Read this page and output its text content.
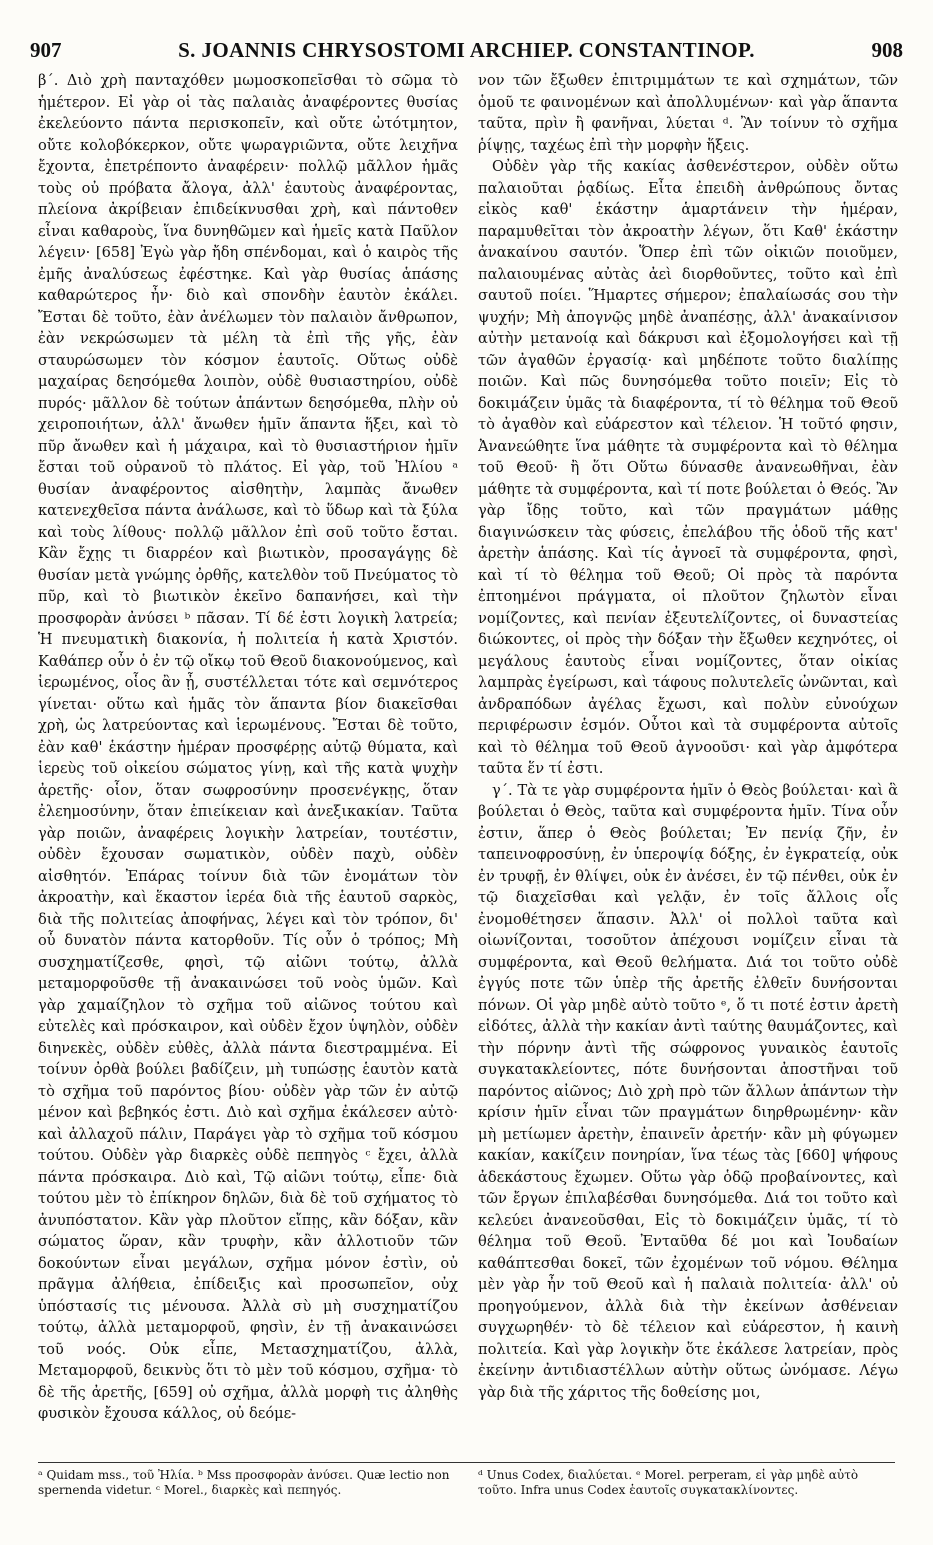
907	S. JOANNIS CHRYSOSTOMI ARCHIEP. CONSTANTINOP.	908

β΄. Διὸ χρὴ πανταχόθεν μωμοσκοπεῖσθαι τὸ σῶμα τὸ ἡμέτερον. Εἰ γὰρ οἱ τὰς παλαιὰς ἀναφέροντες θυσίας ἐκελεύοντο πάντα περισκοπεῖν, καὶ οὔτε ὠτότμητον, οὔτε κολοβόκερκον, οὔτε ψωραγριῶντα, οὔτε λειχῆνα ἔχοντα, ἐπετρέποντο ἀναφέρειν· πολλῷ μᾶλλον ἡμᾶς τοὺς οὐ πρόβατα ἄλογα, ἀλλ' ἑαυτοὺς ἀναφέροντας, πλείονα ἀκρίβειαν ἐπιδείκνυσθαι χρὴ, καὶ πάντοθεν εἶναι καθαροὺς, ἵνα δυνηθῶμεν καὶ ἡμεῖς κατὰ Παῦλον λέγειν· [658] Ἐγὼ γὰρ ἤδη σπένδομαι, καὶ ὁ καιρὸς τῆς ἐμῆς ἀναλύσεως ἐφέστηκε. Καὶ γὰρ θυσίας ἁπάσης καθαρώτερος ἦν· διὸ καὶ σπονδὴν ἑαυτὸν ἐκάλει. Ἔσται δὲ τοῦτο, ἐὰν ἀνέλωμεν τὸν παλαιὸν ἄνθρωπον, ἐὰν νεκρώσωμεν τὰ μέλη τὰ ἐπὶ τῆς γῆς, ἐὰν σταυρώσωμεν τὸν κόσμον ἑαυτοῖς. Οὕτως οὐδὲ μαχαίρας δεησόμεθα λοιπὸν, οὐδὲ θυσιαστηρίου, οὐδὲ πυρός· μᾶλλον δὲ τούτων ἁπάντων δεησόμεθα, πλὴν οὐ χειροποιήτων, ἀλλ' ἄνωθεν ἡμῖν ἅπαντα ἥξει, καὶ τὸ πῦρ ἄνωθεν καὶ ἡ μάχαιρα, καὶ τὸ θυσιαστήριον ἡμῖν ἔσται τοῦ οὐρανοῦ τὸ πλάτος. Εἰ γὰρ, τοῦ Ἠλίου ᵃ θυσίαν ἀναφέροντος αἰσθητὴν, λαμπὰς ἄνωθεν κατενεχθεῖσα πάντα ἀνάλωσε, καὶ τὸ ὕδωρ καὶ τὰ ξύλα καὶ τοὺς λίθους· πολλῷ μᾶλλον ἐπὶ σοῦ τοῦτο ἔσται. Κἂν ἔχῃς τι διαρρέον καὶ βιωτικὸν, προσαγάγῃς δὲ θυσίαν μετὰ γνώμης ὀρθῆς, κατελθὸν τοῦ Πνεύματος τὸ πῦρ, καὶ τὸ βιωτικὸν ἐκεῖνο δαπανήσει, καὶ τὴν προσφορὰν ἀνύσει ᵇ πᾶσαν. Τί δέ ἐστι λογικὴ λατρεία; Ἡ πνευματικὴ διακονία, ἡ πολιτεία ἡ κατὰ Χριστόν. Καθάπερ οὖν ὁ ἐν τῷ οἴκῳ τοῦ Θεοῦ διακονούμενος, καὶ ἱερωμένος, οἷος ἂν ᾖ, συστέλλεται τότε καὶ σεμνότερος γίνεται· οὕτω καὶ ἡμᾶς τὸν ἅπαντα βίον διακεῖσθαι χρὴ, ὡς λατρεύοντας καὶ ἱερωμένους. Ἔσται δὲ τοῦτο, ἐὰν καθ' ἑκάστην ἡμέραν προσφέρῃς αὐτῷ θύματα, καὶ ἱερεὺς τοῦ οἰκείου σώματος γίνῃ, καὶ τῆς κατὰ ψυχὴν ἀρετῆς· οἷον, ὅταν σωφροσύνην προσενέγκῃς, ὅταν ἐλεημοσύνην, ὅταν ἐπιείκειαν καὶ ἀνεξικακίαν. Ταῦτα γὰρ ποιῶν, ἀναφέρεις λογικὴν λατρείαν, τουτέστιν, οὐδὲν ἔχουσαν σωματικὸν, οὐδὲν παχὺ, οὐδὲν αἰσθητόν. Ἐπάρας τοίνυν διὰ τῶν ἐνομάτων τὸν ἀκροατὴν, καὶ ἕκαστον ἱερέα διὰ τῆς ἑαυτοῦ σαρκὸς, διὰ τῆς πολιτείας ἀποφήνας, λέγει καὶ τὸν τρόπον, δι' οὗ δυνατὸν πάντα κατορθοῦν. Τίς οὖν ὁ τρόπος; Μὴ συσχηματίζεσθε, φησὶ, τῷ αἰῶνι τούτῳ, ἀλλὰ μεταμορφοῦσθε τῇ ἀνακαινώσει τοῦ νοὸς ὑμῶν. Καὶ γὰρ χαμαίζηλον τὸ σχῆμα τοῦ αἰῶνος τούτου καὶ εὐτελὲς καὶ πρόσκαιρον, καὶ οὐδὲν ἔχον ὑψηλὸν, οὐδὲν διηνεκὲς, οὐδὲν εὐθὲς, ἀλλὰ πάντα διεστραμμένα. Εἰ τοίνυν ὀρθὰ βούλει βαδίζειν, μὴ τυπώσῃς ἑαυτὸν κατὰ τὸ σχῆμα τοῦ παρόντος βίου· οὐδὲν γὰρ τῶν ἐν αὐτῷ μένον καὶ βεβηκός ἐστι. Διὸ καὶ σχῆμα ἐκάλεσεν αὐτὸ· καὶ ἀλλαχοῦ πάλιν, Παράγει γὰρ τὸ σχῆμα τοῦ κόσμου τούτου. Οὐδὲν γὰρ διαρκὲς οὐδὲ πεπηγὸς ᶜ ἔχει, ἀλλὰ πάντα πρόσκαιρα. Διὸ καὶ, Τῷ αἰῶνι τούτῳ, εἶπε· διὰ τούτου μὲν τὸ ἐπίκηρον δηλῶν, διὰ δὲ τοῦ σχήματος τὸ ἀνυπόστατον. Κἂν γὰρ πλοῦτον εἴπῃς, κἂν δόξαν, κἂν σώματος ὥραν, κἂν τρυφὴν, κἂν ἀλλοτιοῦν τῶν δοκούντων εἶναι μεγάλων, σχῆμα μόνον ἐστὶν, οὐ πρᾶγμα ἀλήθεια, ἐπίδειξις καὶ προσωπεῖον, οὐχ ὑπόστασίς τις μένουσα. Ἀλλὰ σὺ μὴ συσχηματίζου τούτῳ, ἀλλὰ μεταμορφοῦ, φησὶν, ἐν τῇ ἀνακαινώσει τοῦ νοός. Οὐκ εἶπε, Μετασχηματίζου, ἀλλὰ, Μεταμορφοῦ, δεικνὺς ὅτι τὸ μὲν τοῦ κόσμου, σχῆμα· τὸ δὲ τῆς ἀρετῆς, [659] οὐ σχῆμα, ἀλλὰ μορφὴ τις ἀληθὴς φυσικὸν ἔχουσα κάλλος, οὐ δεόμε-

νον τῶν ἔξωθεν ἐπιτριμμάτων τε καὶ σχημάτων, τῶν ὁμοῦ τε φαινομένων καὶ ἀπολλυμένων· καὶ γὰρ ἅπαντα ταῦτα, πρὶν ἢ φανῆναι, λύεται ᵈ. Ἂν τοίνυν τὸ σχῆμα ῥίψῃς, ταχέως ἐπὶ τὴν μορφὴν ἥξεις.

Οὐδὲν γὰρ τῆς κακίας ἀσθενέστερον, οὐδὲν οὕτω παλαιοῦται ῥᾳδίως. Εἶτα ἐπειδὴ ἀνθρώπους ὄντας εἰκὸς καθ' ἑκάστην ἁμαρτάνειν τὴν ἡμέραν, παραμυθεῖται τὸν ἀκροατὴν λέγων, ὅτι Καθ' ἑκάστην ἀνακαίνου σαυτόν. Ὅπερ ἐπὶ τῶν οἰκιῶν ποιοῦμεν, παλαιουμένας αὐτὰς ἀεὶ διορθοῦντες, τοῦτο καὶ ἐπὶ σαυτοῦ ποίει. Ἥμαρτες σήμερον; ἐπαλαίωσάς σου τὴν ψυχήν; Μὴ ἀπογνῷς μηδὲ ἀναπέσῃς, ἀλλ' ἀνακαίνισον αὐτὴν μετανοίᾳ καὶ δάκρυσι καὶ ἐξομολογήσει καὶ τῇ τῶν ἀγαθῶν ἐργασίᾳ· καὶ μηδέποτε τοῦτο διαλίπῃς ποιῶν. Καὶ πῶς δυνησόμεθα τοῦτο ποιεῖν; Εἰς τὸ δοκιμάζειν ὑμᾶς τὰ διαφέροντα, τί τὸ θέλημα τοῦ Θεοῦ τὸ ἀγαθὸν καὶ εὐάρεστον καὶ τέλειον. Ἡ τοῦτό φησιν, Ἀνανεώθητε ἵνα μάθητε τὰ συμφέροντα καὶ τὸ θέλημα τοῦ Θεοῦ· ἢ ὅτι Οὕτω δύνασθε ἀνανεωθῆναι, ἐὰν μάθητε τὰ συμφέροντα, καὶ τί ποτε βούλεται ὁ Θεός. Ἂν γὰρ ἴδῃς τοῦτο, καὶ τῶν πραγμάτων μάθῃς διαγινώσκειν τὰς φύσεις, ἐπελάβου τῆς ὁδοῦ τῆς κατ' ἀρετὴν ἁπάσης. Καὶ τίς ἀγνοεῖ τὰ συμφέροντα, φησὶ, καὶ τί τὸ θέλημα τοῦ Θεοῦ; Οἱ πρὸς τὰ παρόντα ἐπτοημένοι πράγματα, οἱ πλοῦτον ζηλωτὸν εἶναι νομίζοντες, καὶ πενίαν ἐξευτελίζοντες, οἱ δυναστείας διώκοντες, οἱ πρὸς τὴν δόξαν τὴν ἔξωθεν κεχηνότες, οἱ μεγάλους ἑαυτοὺς εἶναι νομίζοντες, ὅταν οἰκίας λαμπρὰς ἐγείρωσι, καὶ τάφους πολυτελεῖς ὠνῶνται, καὶ ἀνδραπόδων ἀγέλας ἔχωσι, καὶ πολὺν εὐνούχων περιφέρωσιν ἑσμόν. Οὗτοι καὶ τὰ συμφέροντα αὐτοῖς καὶ τὸ θέλημα τοῦ Θεοῦ ἀγνοοῦσι· καὶ γὰρ ἀμφότερα ταῦτα ἕν τί ἐστι.

γ΄. Τὰ τε γὰρ συμφέροντα ἡμῖν ὁ Θεὸς βούλεται· καὶ ἃ βούλεται ὁ Θεὸς, ταῦτα καὶ συμφέροντα ἡμῖν. Τίνα οὖν ἐστιν, ἅπερ ὁ Θεὸς βούλεται; Ἐν πενίᾳ ζῆν, ἐν ταπεινοφροσύνῃ, ἐν ὑπεροψίᾳ δόξης, ἐν ἐγκρατείᾳ, οὐκ ἐν τρυφῇ, ἐν θλίψει, οὐκ ἐν ἀνέσει, ἐν τῷ πένθει, οὐκ ἐν τῷ διαχεῖσθαι καὶ γελᾷν, ἐν τοῖς ἄλλοις οἷς ἐνομοθέτησεν ἅπασιν. Ἀλλ' οἱ πολλοὶ ταῦτα καὶ οἰωνίζονται, τοσοῦτον ἀπέχουσι νομίζειν εἶναι τὰ συμφέροντα, καὶ Θεοῦ θελήματα. Διά τοι τοῦτο οὐδὲ ἐγγύς ποτε τῶν ὑπὲρ τῆς ἀρετῆς ἐλθεῖν δυνήσονται πόνων. Οἱ γὰρ μηδὲ αὐτὸ τοῦτο ᵉ, ὅ τι ποτέ ἐστιν ἀρετὴ εἰδότες, ἀλλὰ τὴν κακίαν ἀντὶ ταύτης θαυμάζοντες, καὶ τὴν πόρνην ἀντὶ τῆς σώφρονος γυναικὸς ἑαυτοῖς συγκατακλείοντες, πότε δυνήσονται ἀποστῆναι τοῦ παρόντος αἰῶνος; Διὸ χρὴ πρὸ τῶν ἄλλων ἁπάντων τὴν κρίσιν ἡμῖν εἶναι τῶν πραγμάτων διηρθρωμένην· κἂν μὴ μετίωμεν ἀρετὴν, ἐπαινεῖν ἀρετήν· κἂν μὴ φύγωμεν κακίαν, κακίζειν πονηρίαν, ἵνα τέως τὰς [660] ψήφους ἀδεκάστους ἔχωμεν. Οὕτω γὰρ ὁδῷ προβαίνοντες, καὶ τῶν ἔργων ἐπιλαβέσθαι δυνησόμεθα. Διά τοι τοῦτο καὶ κελεύει ἀνανεοῦσθαι, Εἰς τὸ δοκιμάζειν ὑμᾶς, τί τὸ θέλημα τοῦ Θεοῦ. Ἐνταῦθα δέ μοι καὶ Ἰουδαίων καθάπτεσθαι δοκεῖ, τῶν ἐχομένων τοῦ νόμου. Θέλημα μὲν γὰρ ἦν τοῦ Θεοῦ καὶ ἡ παλαιὰ πολιτεία· ἀλλ' οὐ προηγούμενον, ἀλλὰ διὰ τὴν ἐκείνων ἀσθένειαν συγχωρηθέν· τὸ δὲ τέλειον καὶ εὐάρεστον, ἡ καινὴ πολιτεία. Καὶ γὰρ λογικὴν ὅτε ἐκάλεσε λατρείαν, πρὸς ἐκείνην ἀντιδιαστέλλων αὐτὴν οὕτως ὠνόμασε. Λέγω γὰρ διὰ τῆς χάριτος τῆς δοθείσης μοι,

ᵃ Quidam mss., τοῦ Ἠλία. ᵇ Mss προσφορὰν ἀνύσει. Quæ lectio non spernenda videtur. ᶜ Morel., διαρκὲς καὶ πεπηγός.

ᵈ Unus Codex, διαλύεται. ᵉ Morel. perperam, εἰ γὰρ μηδὲ αὐτὸ τοῦτο. Infra unus Codex ἑαυτοῖς συγκατακλίνοντες.
